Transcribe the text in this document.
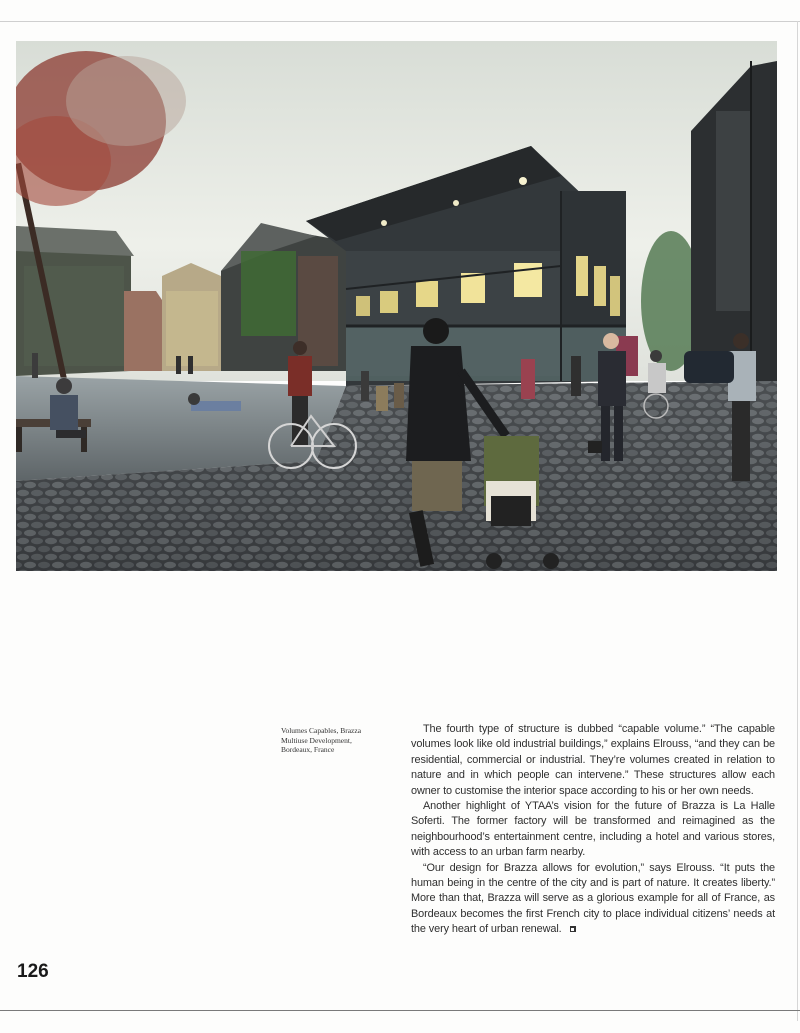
Volumes Capables, Brazza
Multiuse Development,
Bordeaux, France

The fourth type of structure is dubbed “capable volume.” “The capable volumes look like old industrial buildings,” explains Elrouss, “and they can be residential, commercial or industrial. They’re volumes created in relation to nature and in which people can intervene.” These structures allow each owner to customise the interior space according to his or her own needs.

Another highlight of YTAA’s vision for the future of Brazza is La Halle Soferti. The former factory will be transformed and reimagined as the neighbourhood’s entertainment centre, including a hotel and various stores, with access to an urban farm nearby.

“Our design for Brazza allows for evolution,” says Elrouss. “It puts the human being in the centre of the city and is part of nature. It creates liberty.” More than that, Brazza will serve as a glorious example for all of France, as Bordeaux becomes the first French city to place individual citizens’ needs at the very heart of urban renewal.

126
